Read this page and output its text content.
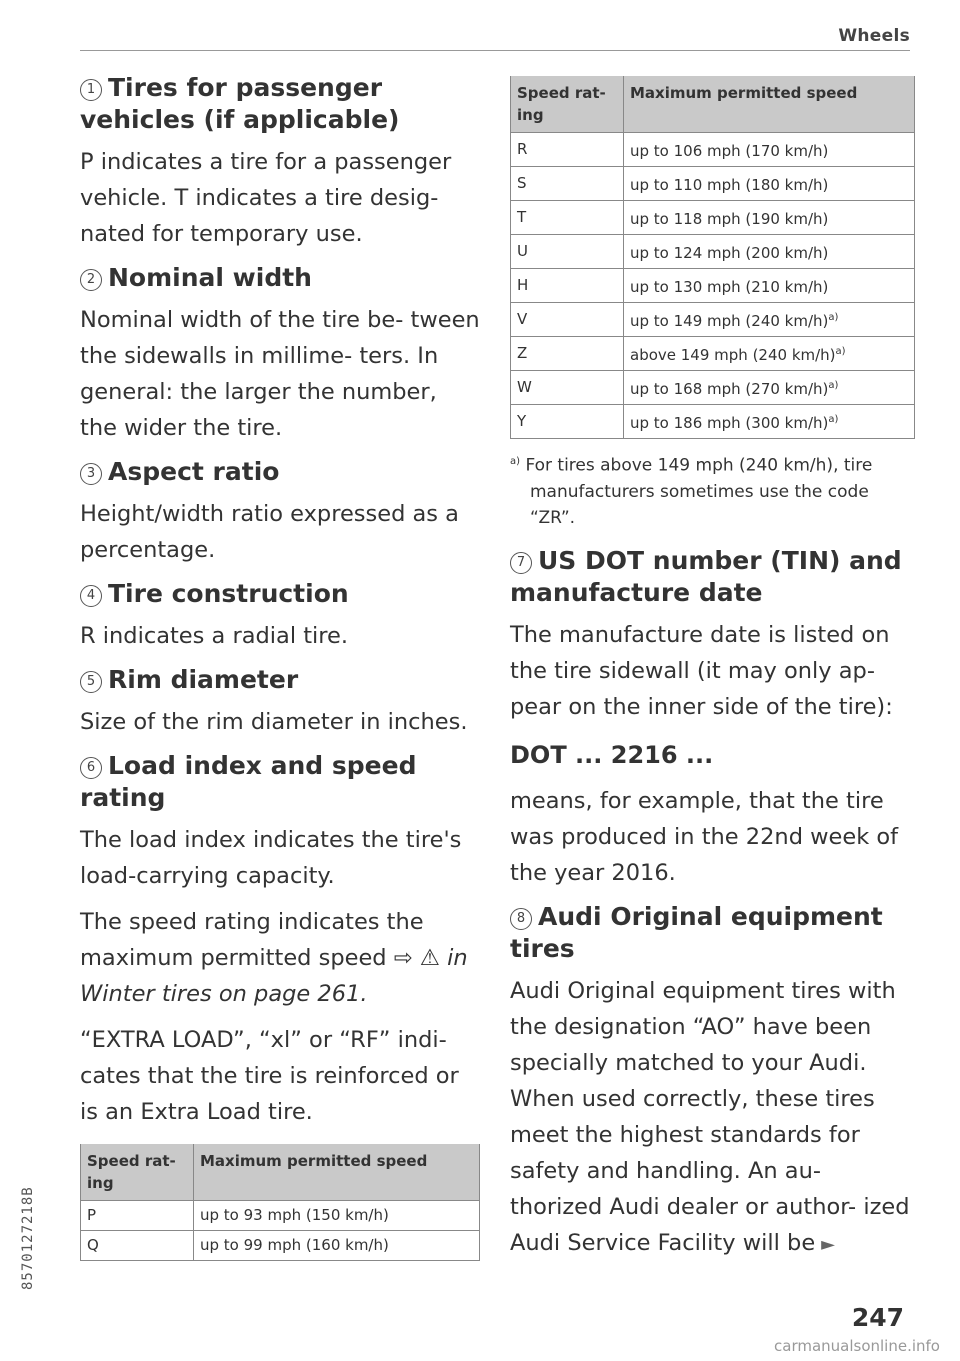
Wheels
1 Tires for passenger vehicles (if applicable)

P indicates a tire for a passenger vehicle. T indicates a tire desig- nated for temporary use.

2 Nominal width

Nominal width of the tire be- tween the sidewalls in millime- ters. In general: the larger the number, the wider the tire.

3 Aspect ratio

Height/width ratio expressed as a percentage.

4 Tire construction

R indicates a radial tire.

5 Rim diameter

Size of the rim diameter in inches.

6 Load index and speed rating

The load index indicates the tire's load-carrying capacity.

The speed rating indicates the maximum permitted speed ⇨ ⚠ in Winter tires on page 261.

“EXTRA LOAD”, “xl” or “RF” indi- cates that the tire is reinforced or is an Extra Load tire.

Speed rat- ing	Maximum permitted speed
P	up to 93 mph (150 km/h)
Q	up to 99 mph (160 km/h)
Speed rat- ing	Maximum permitted speed
R	up to 106 mph (170 km/h)
S	up to 110 mph (180 km/h)
T	up to 118 mph (190 km/h)
U	up to 124 mph (200 km/h)
H	up to 130 mph (210 km/h)
V	up to 149 mph (240 km/h)$^{a)}$
Z	above 149 mph (240 km/h)$^{a)}$
W	up to 168 mph (270 km/h)$^{a)}$
Y	up to 186 mph (300 km/h)$^{a)}$
$^{a)}$ For tires above 149 mph (240 km/h), tire manufacturers sometimes use the code “ZR”.
7 US DOT number (TIN) and manufacture date

The manufacture date is listed on the tire sidewall (it may only ap- pear on the inner side of the tire):

DOT ... 2216 ...

means, for example, that the tire was produced in the 22nd week of the year 2016.

8 Audi Original equipment tires

Audi Original equipment tires with the designation “AO” have been specially matched to your Audi. When used correctly, these tires meet the highest standards for safety and handling. An au- thorized Audi dealer or author- ized Audi Service Facility will be ►

247
8570127218B
carmanualsonline.info
